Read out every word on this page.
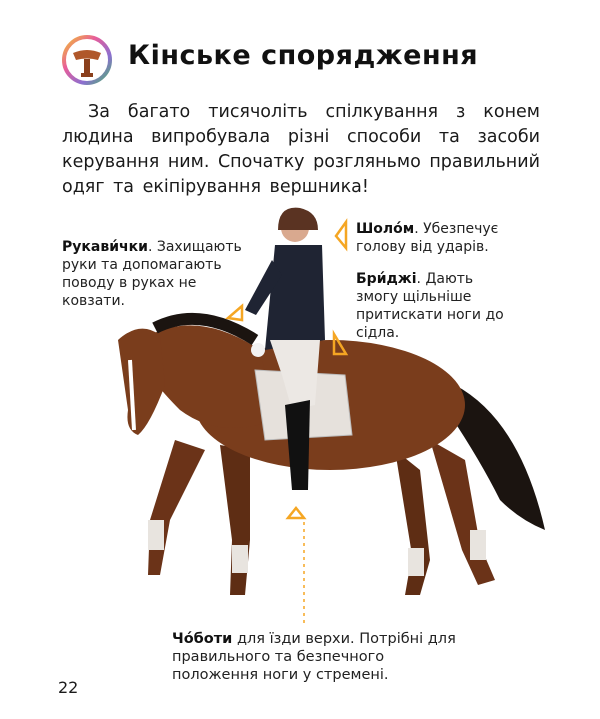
Кінське спорядження
За багато тисячоліть спілкування з конем людина випробувала різні способи та засоби керування ним. Спочатку розгляньмо правильний одяг та екіпірування вершника!
Рукави́чки. Захищають руки та допомагають поводу в руках не ковзати.
Шоло́м. Убезпечує голову від ударів.
Бри́джі. Дають змогу щільніше притискати ноги до сідла.
Чо́боти для їзди верхи. Потрібні для правильного та безпечного положення ноги у стремені.
22
